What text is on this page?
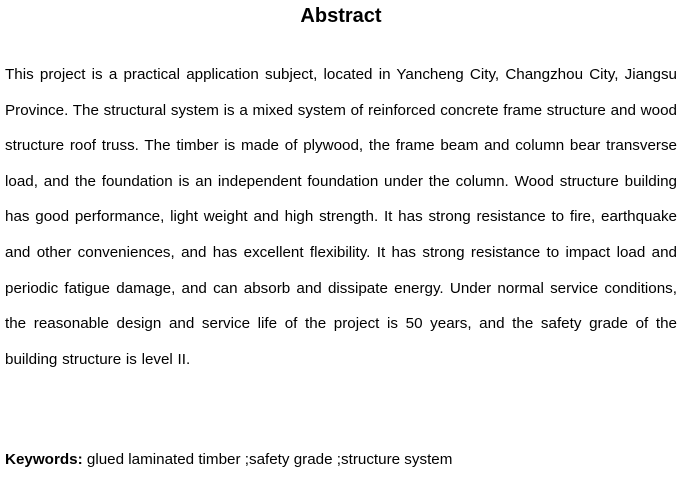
Abstract

This project is a practical application subject, located in Yancheng City, Changzhou City, Jiangsu Province. The structural system is a mixed system of reinforced concrete frame structure and wood structure roof truss. The timber is made of plywood, the frame beam and column bear transverse load, and the foundation is an independent foundation under the column. Wood structure building has good performance, light weight and high strength. It has strong resistance to fire, earthquake and other conveniences, and has excellent flexibility. It has strong resistance to impact load and periodic fatigue damage, and can absorb and dissipate energy. Under normal service conditions, the reasonable design and service life of the project is 50 years, and the safety grade of the building structure is level II.

Keywords: glued laminated timber ;safety grade ;structure system
